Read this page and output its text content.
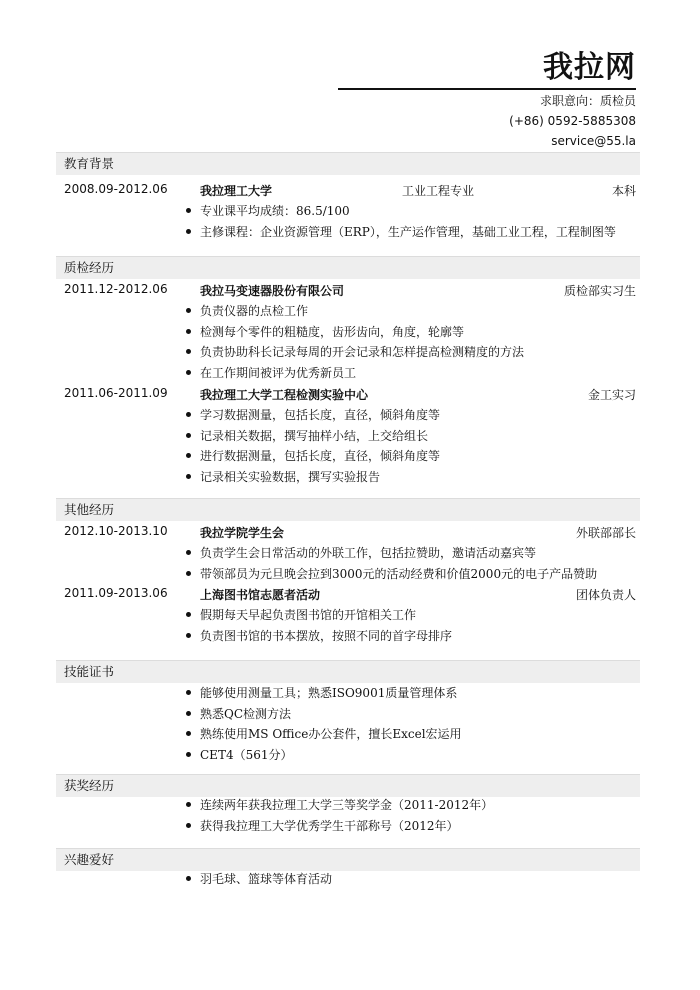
我拉网
求职意向：质检员
(+86) 0592-5885308
service@55.la
教育背景
2008.09-2012.06	我拉理工大学	工业工程专业	本科
专业课平均成绩：86.5/100
主修课程：企业资源管理（ERP），生产运作管理，基础工业工程，工程制图等
质检经历
2011.12-2012.06	我拉马变速器股份有限公司	质检部实习生
负责仪器的点检工作
检测每个零件的粗糙度，齿形齿向，角度，轮廓等
负责协助科长记录每周的开会记录和怎样提高检测精度的方法
在工作期间被评为优秀新员工
2011.06-2011.09	我拉理工大学工程检测实验中心	金工实习
学习数据测量，包括长度，直径，倾斜角度等
记录相关数据，撰写抽样小结，上交给组长
进行数据测量，包括长度，直径，倾斜角度等
记录相关实验数据，撰写实验报告
其他经历
2012.10-2013.10	我拉学院学生会	外联部部长
负责学生会日常活动的外联工作，包括拉赞助，邀请活动嘉宾等
带领部员为元旦晚会拉到3000元的活动经费和价值2000元的电子产品赞助
2011.09-2013.06	上海图书馆志愿者活动	团体负责人
假期每天早起负责图书馆的开馆相关工作
负责图书馆的书本摆放，按照不同的首字母排序
技能证书
能够使用测量工具；熟悉ISO9001质量管理体系
熟悉QC检测方法
熟练使用MS Office办公套件，擅长Excel宏运用
CET4（561分）
获奖经历
连续两年获我拉理工大学三等奖学金（2011-2012年）
获得我拉理工大学优秀学生干部称号（2012年）
兴趣爱好
羽毛球、篮球等体育活动
